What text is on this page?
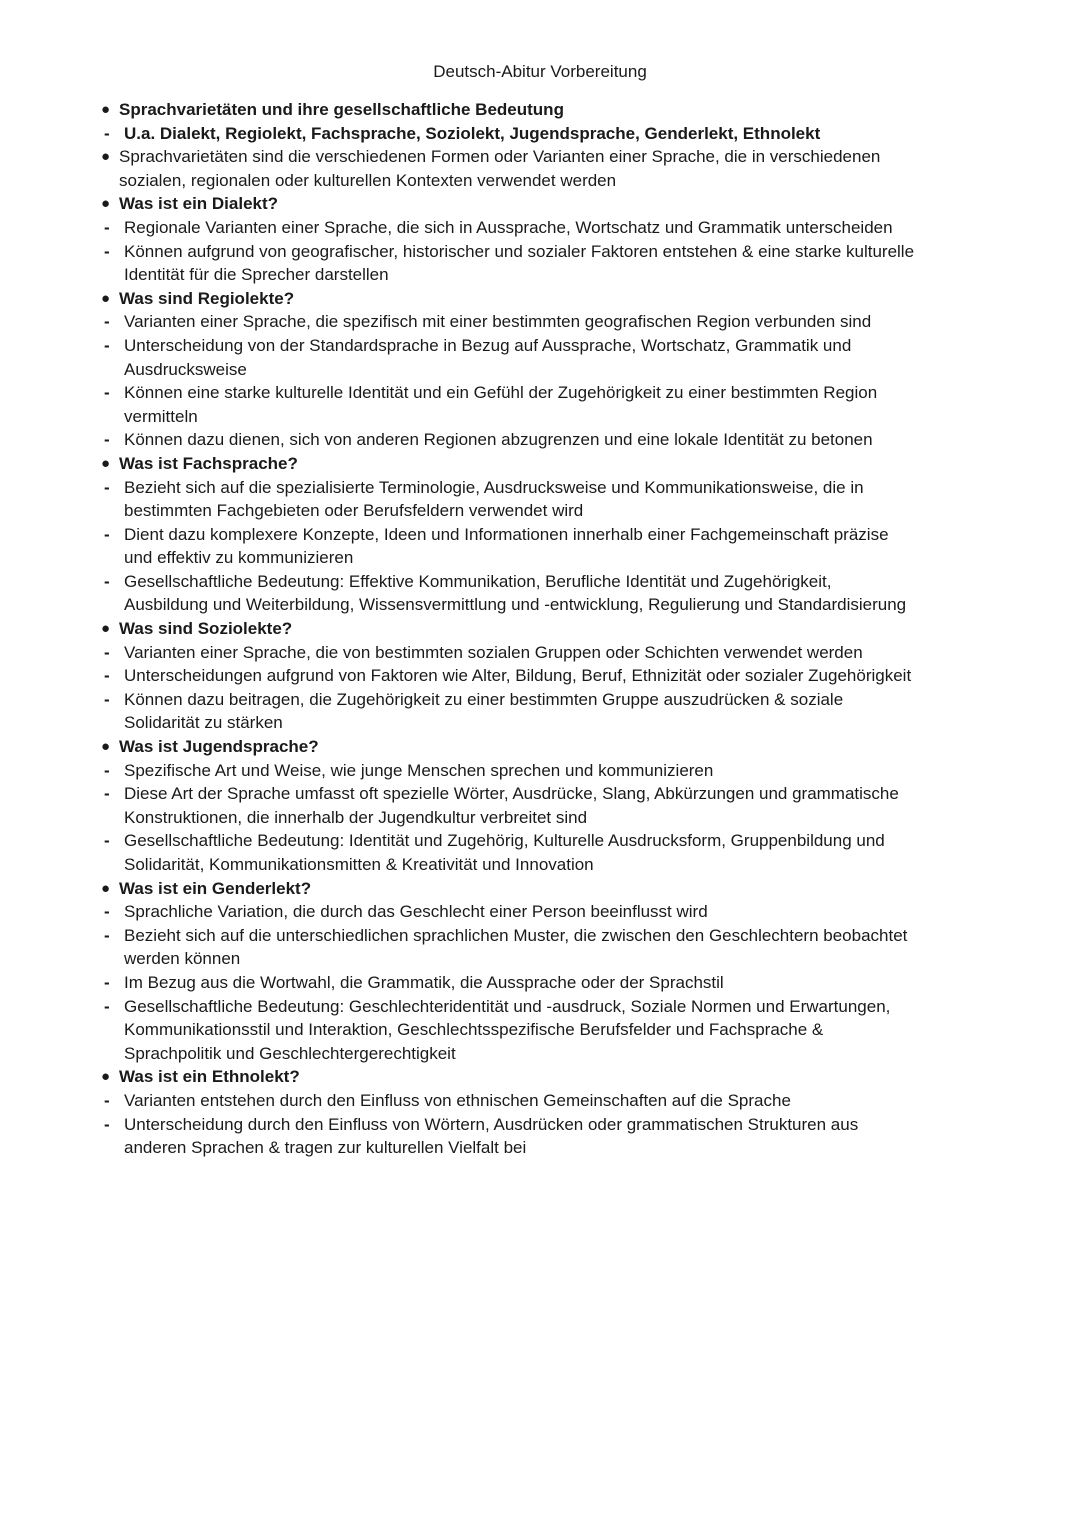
Deutsch-Abitur Vorbereitung
● Sprachvarietäten und ihre gesellschaftliche Bedeutung
- U.a. Dialekt, Regiolekt, Fachsprache, Soziolekt, Jugendsprache, Genderlekt, Ethnolekt
● Sprachvarietäten sind die verschiedenen Formen oder Varianten einer Sprache, die in verschiedenen
sozialen, regionalen oder kulturellen Kontexten verwendet werden
● Was ist ein Dialekt?
- Regionale Varianten einer Sprache, die sich in Aussprache, Wortschatz und Grammatik unterscheiden
- Können aufgrund von geografischer, historischer und sozialer Faktoren entstehen & eine starke kulturelle
Identität für die Sprecher darstellen
● Was sind Regiolekte?
- Varianten einer Sprache, die spezifisch mit einer bestimmten geografischen Region verbunden sind
- Unterscheidung von der Standardsprache in Bezug auf Aussprache, Wortschatz, Grammatik und
Ausdrucksweise
- Können eine starke kulturelle Identität und ein Gefühl der Zugehörigkeit zu einer bestimmten Region
vermitteln
- Können dazu dienen, sich von anderen Regionen abzugrenzen und eine lokale Identität zu betonen
● Was ist Fachsprache?
- Bezieht sich auf die spezialisierte Terminologie, Ausdrucksweise und Kommunikationsweise, die in
bestimmten Fachgebieten oder Berufsfeldern verwendet wird
- Dient dazu komplexere Konzepte, Ideen und Informationen innerhalb einer Fachgemeinschaft präzise
und effektiv zu kommunizieren
- Gesellschaftliche Bedeutung: Effektive Kommunikation, Berufliche Identität und Zugehörigkeit,
Ausbildung und Weiterbildung, Wissensvermittlung und -entwicklung, Regulierung und Standardisierung
● Was sind Soziolekte?
- Varianten einer Sprache, die von bestimmten sozialen Gruppen oder Schichten verwendet werden
- Unterscheidungen aufgrund von Faktoren wie Alter, Bildung, Beruf, Ethnizität oder sozialer Zugehörigkeit
- Können dazu beitragen, die Zugehörigkeit zu einer bestimmten Gruppe auszudrücken & soziale
Solidarität zu stärken
● Was ist Jugendsprache?
- Spezifische Art und Weise, wie junge Menschen sprechen und kommunizieren
- Diese Art der Sprache umfasst oft spezielle Wörter, Ausdrücke, Slang, Abkürzungen und grammatische
Konstruktionen, die innerhalb der Jugendkultur verbreitet sind
- Gesellschaftliche Bedeutung: Identität und Zugehörig, Kulturelle Ausdrucksform, Gruppenbildung und
Solidarität, Kommunikationsmitten & Kreativität und Innovation
● Was ist ein Genderlekt?
- Sprachliche Variation, die durch das Geschlecht einer Person beeinflusst wird
- Bezieht sich auf die unterschiedlichen sprachlichen Muster, die zwischen den Geschlechtern beobachtet
werden können
- Im Bezug aus die Wortwahl, die Grammatik, die Aussprache oder der Sprachstil
- Gesellschaftliche Bedeutung: Geschlechteridentität und -ausdruck, Soziale Normen und Erwartungen,
Kommunikationsstil und Interaktion, Geschlechtsspezifische Berufsfelder und Fachsprache &
Sprachpolitik und Geschlechtergerechtigkeit
● Was ist ein Ethnolekt?
- Varianten entstehen durch den Einfluss von ethnischen Gemeinschaften auf die Sprache
- Unterscheidung durch den Einfluss von Wörtern, Ausdrücken oder grammatischen Strukturen aus
anderen Sprachen & tragen zur kulturellen Vielfalt bei
